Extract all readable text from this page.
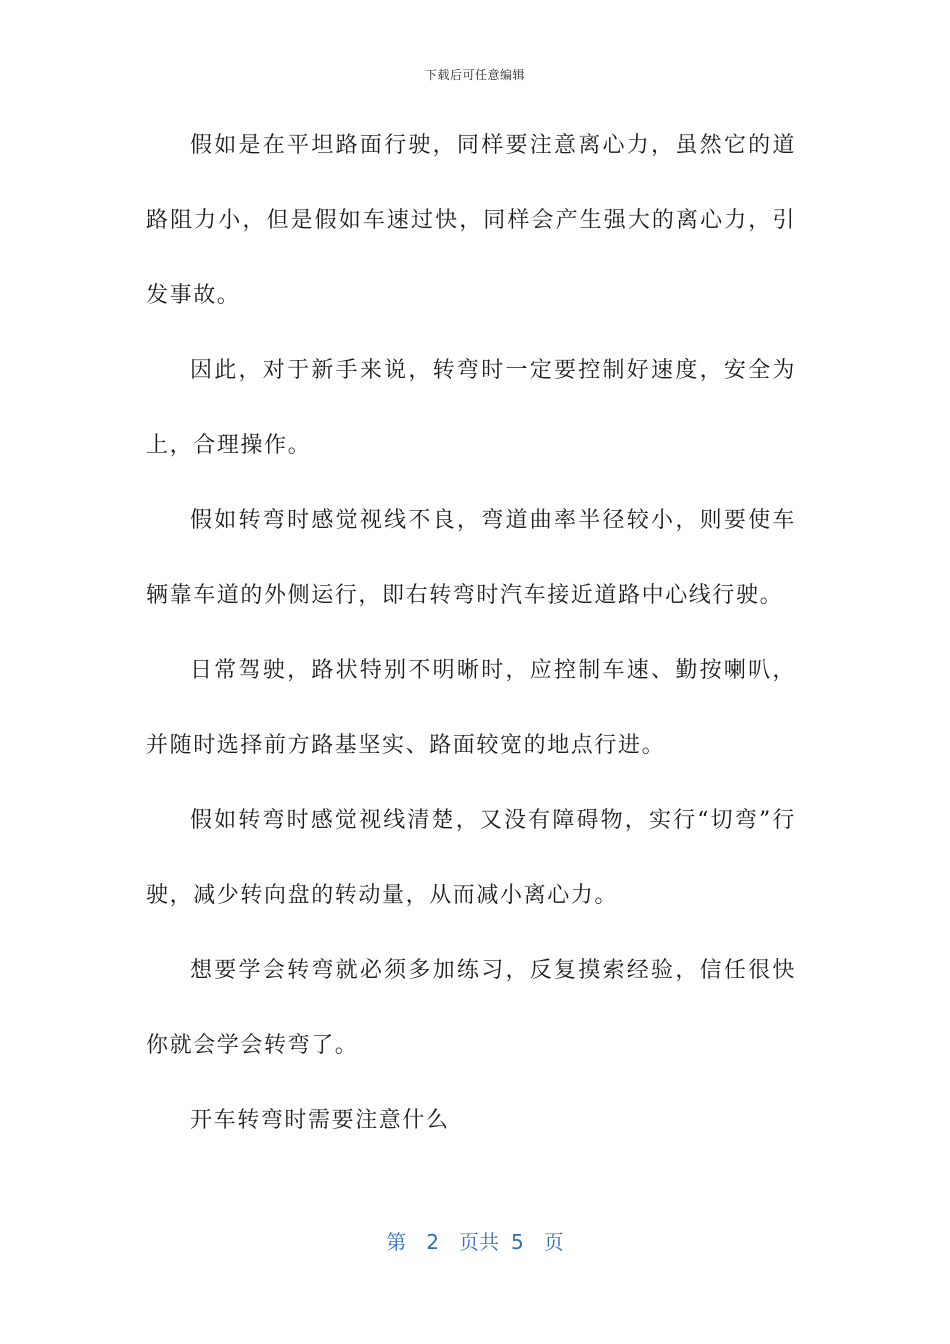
下载后可任意编辑

假如是在平坦路面行驶，同样要注意离心力，虽然它的道路阻力小，但是假如车速过快，同样会产生强大的离心力，引发事故。

因此，对于新手来说，转弯时一定要控制好速度，安全为上，合理操作。

假如转弯时感觉视线不良，弯道曲率半径较小，则要使车辆靠车道的外侧运行，即右转弯时汽车接近道路中心线行驶。

日常驾驶，路状特别不明晰时，应控制车速、勤按喇叭，并随时选择前方路基坚实、路面较宽的地点行进。

假如转弯时感觉视线清楚，又没有障碍物，实行“切弯”行驶，减少转向盘的转动量，从而减小离心力。

想要学会转弯就必须多加练习，反复摸索经验，信任很快你就会学会转弯了。

开车转弯时需要注意什么

第 2 页共 5 页
